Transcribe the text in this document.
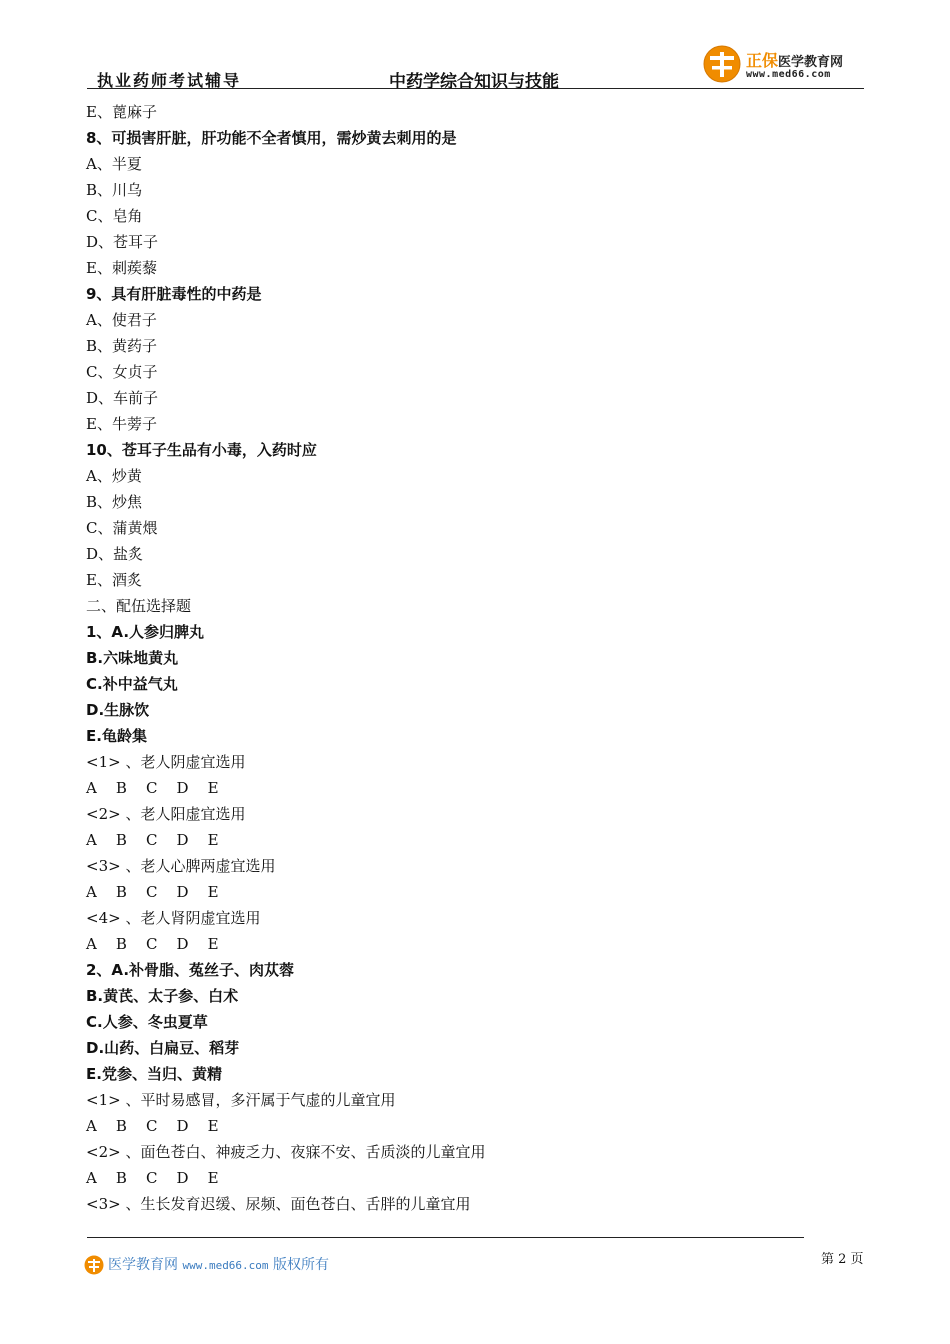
执业药师考试辅导	中药学综合知识与技能
正保医学教育网
www.med66.com
E、蓖麻子
8、可损害肝脏，肝功能不全者慎用，需炒黄去刺用的是
A、半夏
B、川乌
C、皂角
D、苍耳子
E、刺蒺藜
9、具有肝脏毒性的中药是
A、使君子
B、黄药子
C、女贞子
D、车前子
E、牛蒡子
10、苍耳子生品有小毒，入药时应
A、炒黄
B、炒焦
C、蒲黄煨
D、盐炙
E、酒炙
二、配伍选择题
1、A.人参归脾丸
B.六味地黄丸
C.补中益气丸
D.生脉饮
E.龟龄集
<1> 、老人阴虚宜选用
A    B    C    D    E
<2> 、老人阳虚宜选用
A    B    C    D    E
<3> 、老人心脾两虚宜选用
A    B    C    D    E
<4> 、老人肾阴虚宜选用
A    B    C    D    E
2、A.补骨脂、菟丝子、肉苁蓉
B.黄芪、太子参、白术
C.人参、冬虫夏草
D.山药、白扁豆、稻芽
E.党参、当归、黄精
<1> 、平时易感冒，多汗属于气虚的儿童宜用
A    B    C    D    E
<2> 、面色苍白、神疲乏力、夜寐不安、舌质淡的儿童宜用
A    B    C    D    E
<3> 、生长发育迟缓、尿频、面色苍白、舌胖的儿童宜用
医学教育网 www.med66.com 版权所有	第 2 页
